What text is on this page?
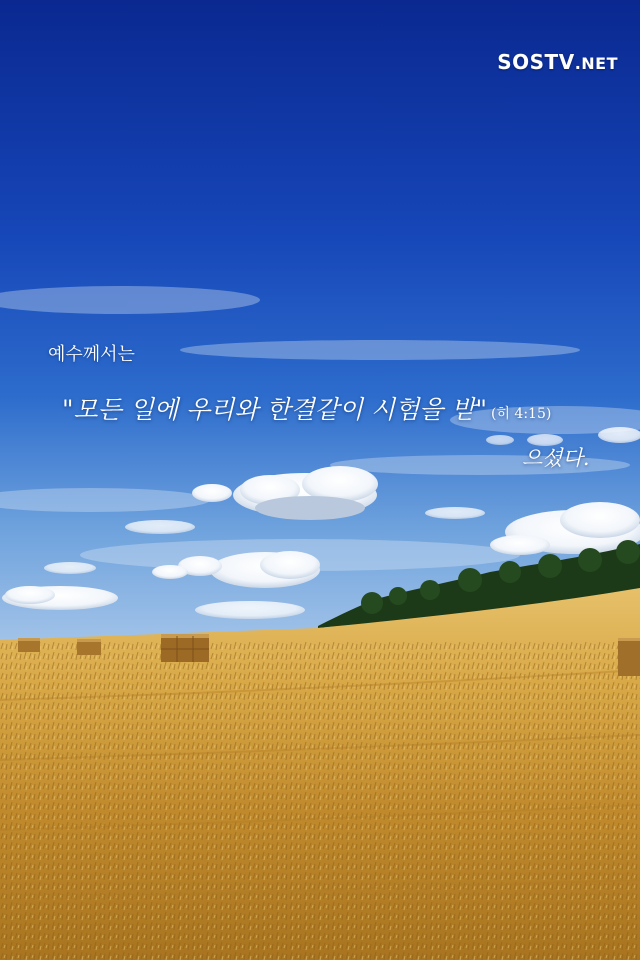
SOSTV.NET
예수께서는
"모든 일에 우리와 한결같이 시험을 받" (히 4:15)
으셨다.
